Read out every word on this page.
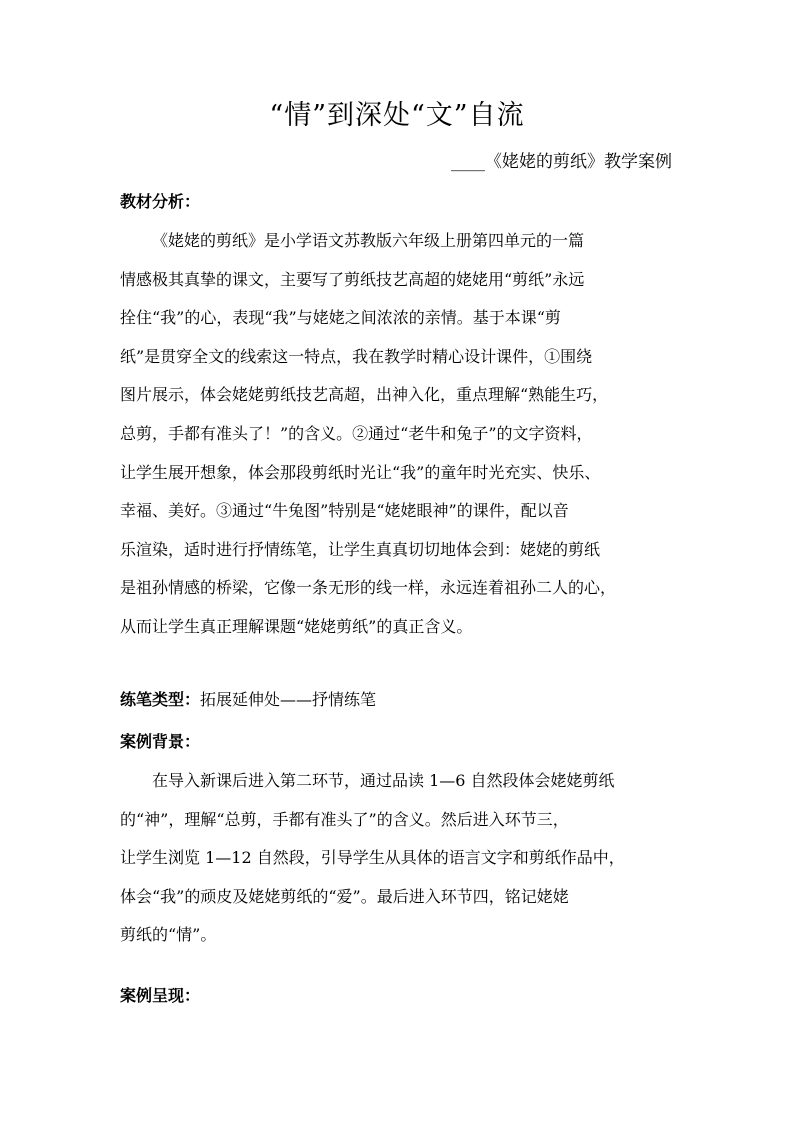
“情”到深处“文”自流
____《姥姥的剪纸》教学案例
教材分析：

《姥姥的剪纸》是小学语文苏教版六年级上册第四单元的一篇
情感极其真挚的课文，主要写了剪纸技艺高超的姥姥用“剪纸”永远
拴住“我”的心，表现“我”与姥姥之间浓浓的亲情。基于本课“剪
纸”是贯穿全文的线索这一特点，我在教学时精心设计课件，①围绕
图片展示，体会姥姥剪纸技艺高超，出神入化，重点理解“熟能生巧，
总剪，手都有准头了！”的含义。②通过“老牛和兔子”的文字资料，
让学生展开想象，体会那段剪纸时光让“我”的童年时光充实、快乐、
幸福、美好。③通过“牛兔图”特别是“姥姥眼神”的课件，配以音
乐渲染，适时进行抒情练笔，让学生真真切切地体会到：姥姥的剪纸
是祖孙情感的桥梁，它像一条无形的线一样，永远连着祖孙二人的心，
从而让学生真正理解课题“姥姥剪纸”的真正含义。

练笔类型：拓展延伸处——抒情练笔
案例背景：

在导入新课后进入第二环节，通过品读 1—6 自然段体会姥姥剪纸
的“神”，理解“总剪，手都有准头了”的含义。然后进入环节三，
让学生浏览 1—12 自然段，引导学生从具体的语言文字和剪纸作品中，
体会“我”的顽皮及姥姥剪纸的“爱”。最后进入环节四，铭记姥姥
剪纸的“情”。

案例呈现：
